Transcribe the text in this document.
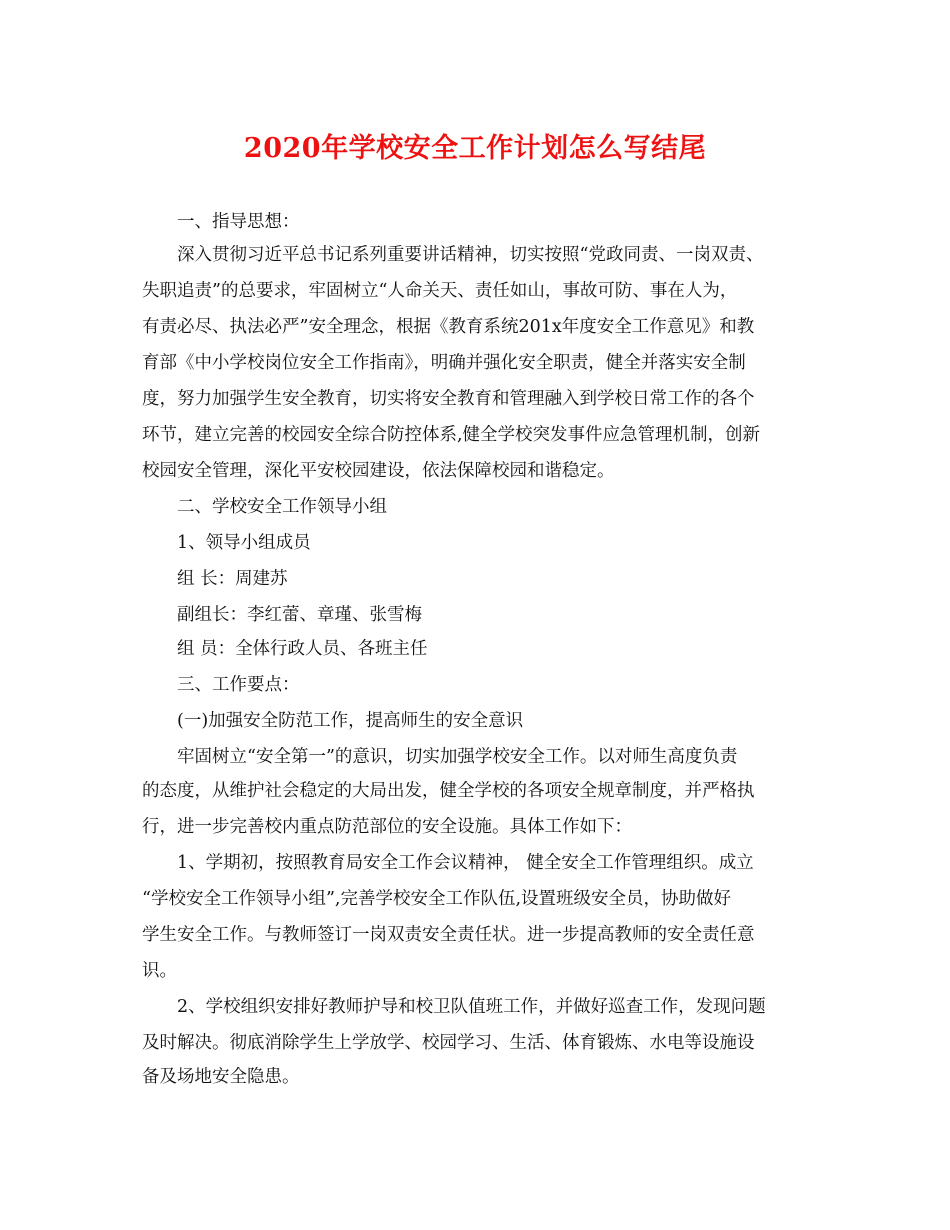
2020年学校安全工作计划怎么写结尾
一、指导思想：
深入贯彻习近平总书记系列重要讲话精神，切实按照“党政同责、一岗双责、
失职追责”的总要求，牢固树立“人命关天、责任如山，事故可防、事在人为，
有责必尽、执法必严”安全理念，根据《教育系统201x年度安全工作意见》和教
育部《中小学校岗位安全工作指南》，明确并强化安全职责，健全并落实安全制
度，努力加强学生安全教育，切实将安全教育和管理融入到学校日常工作的各个
环节，建立完善的校园安全综合防控体系,健全学校突发事件应急管理机制，创新
校园安全管理，深化平安校园建设，依法保障校园和谐稳定。
二、学校安全工作领导小组
1、领导小组成员
组 长：周建苏
副组长：李红蕾、章瑾、张雪梅
组 员：全体行政人员、各班主任
三、工作要点：
(一)加强安全防范工作，提高师生的安全意识
牢固树立“安全第一”的意识，切实加强学校安全工作。以对师生高度负责
的态度，从维护社会稳定的大局出发，健全学校的各项安全规章制度，并严格执
行，进一步完善校内重点防范部位的安全设施。具体工作如下：
1、学期初，按照教育局安全工作会议精神， 健全安全工作管理组织。成立
“学校安全工作领导小组”,完善学校安全工作队伍,设置班级安全员，协助做好
学生安全工作。与教师签订一岗双责安全责任状。进一步提高教师的安全责任意
识。
2、学校组织安排好教师护导和校卫队值班工作，并做好巡查工作，发现问题
及时解决。彻底消除学生上学放学、校园学习、生活、体育锻炼、水电等设施设
备及场地安全隐患。
